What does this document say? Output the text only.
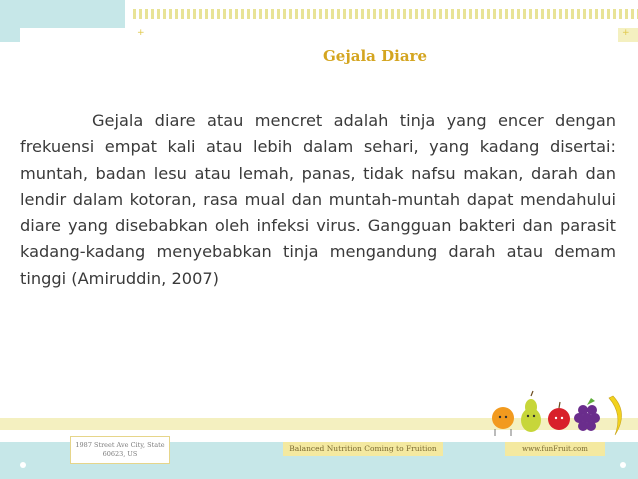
+	+
Gejala Diare

Gejala diare atau mencret adalah tinja yang encer dengan frekuensi empat kali atau lebih dalam sehari, yang kadang disertai: muntah, badan lesu atau lemah, panas, tidak nafsu makan, darah dan lendir dalam kotoran, rasa mual dan muntah-muntah dapat mendahului diare yang disebabkan oleh infeksi virus. Gangguan bakteri dan parasit kadang-kadang menyebabkan tinja mengandung darah atau demam tinggi (Amiruddin, 2007)

1987 Street Ave City, State
60623, US
Balanced Nutrition Coming to Fruition	www.funFruit.com
